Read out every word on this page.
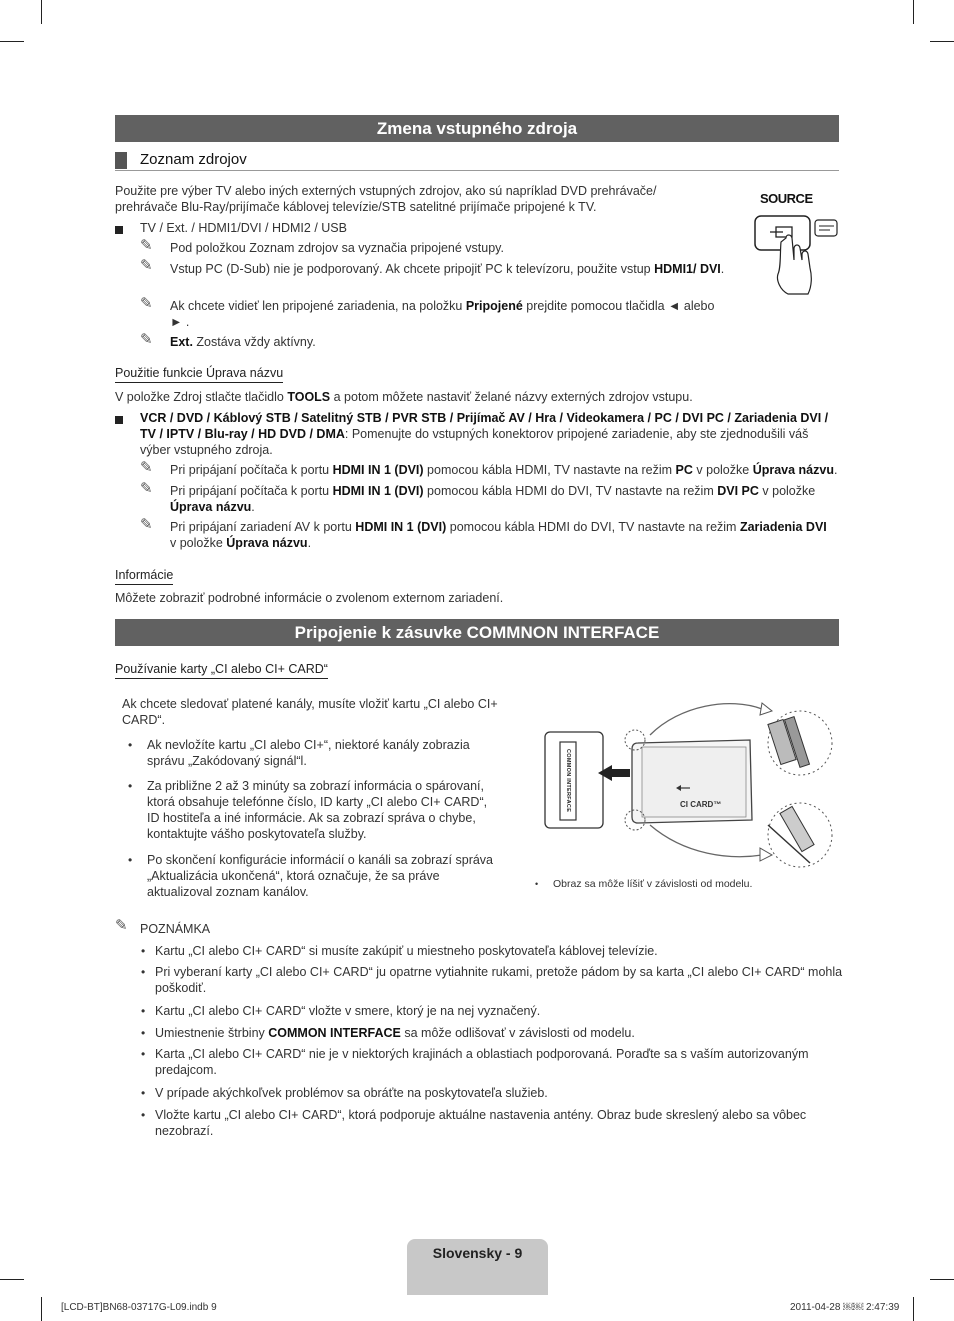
Zmena vstupného zdroja
Zoznam zdrojov
Použite pre výber TV alebo iných externých vstupných zdrojov, ako sú napríklad DVD prehrávače/ prehrávače Blu-Ray/prijímače káblovej televízie/STB satelitné prijímače pripojené k TV.
TV / Ext. / HDMI1/DVI / HDMI2 / USB
✎ Pod položkou Zoznam zdrojov sa vyznačia pripojené vstupy.
✎ Vstup PC (D-Sub) nie je podporovaný. Ak chcete pripojiť PC k televízoru, použite vstup HDMI1/ DVI.
✎ Ak chcete vidieť len pripojené zariadenia, na položku Pripojené prejdite pomocou tlačidla ◄ alebo ► .
✎ Ext. Zostáva vždy aktívny.
SOURCE
Použitie funkcie Úprava názvu
V položke Zdroj stlačte tlačidlo TOOLS a potom môžete nastaviť želané názvy externých zdrojov vstupu.
VCR / DVD / Káblový STB / Satelitný STB / PVR STB / Prijímač AV / Hra / Videokamera / PC / DVI PC / Zariadenia DVI / TV / IPTV / Blu-ray / HD DVD / DMA: Pomenujte do vstupných konektorov pripojené zariadenie, aby ste zjednodušili váš výber vstupného zdroja.
✎ Pri pripájaní počítača k portu HDMI IN 1 (DVI) pomocou kábla HDMI, TV nastavte na režim PC v položke Úprava názvu.
✎ Pri pripájaní počítača k portu HDMI IN 1 (DVI) pomocou kábla HDMI do DVI, TV nastavte na režim DVI PC v položke Úprava názvu.
✎ Pri pripájaní zariadení AV k portu HDMI IN 1 (DVI) pomocou kábla HDMI do DVI, TV nastavte na režim Zariadenia DVI v položke Úprava názvu.
Informácie
Môžete zobraziť podrobné informácie o zvolenom externom zariadení.
Pripojenie k zásuvke COMMNON INTERFACE
Používanie karty „CI alebo CI+ CARD“
Ak chcete sledovať platené kanály, musíte vložiť kartu „CI alebo CI+ CARD“.
• Ak nevložíte kartu „CI alebo CI+“, niektoré kanály zobrazia správu „Zakódovaný signál“l.
• Za približne 2 až 3 minúty sa zobrazí informácia o spárovaní, ktorá obsahuje telefónne číslo, ID karty „CI alebo CI+ CARD“, ID hostiteľa a iné informácie. Ak sa zobrazí správa o chybe, kontaktujte vášho poskytovateľa služby.
• Po skončení konfigurácie informácií o kanáli sa zobrazí správa „Aktualizácia ukončená“, ktorá označuje, že sa práve aktualizoval zoznam kanálov.
COMMON INTERFACE	CI CARD™
• Obraz sa môže líšiť v závislosti od modelu.
✎ POZNÁMKA
• Kartu „CI alebo CI+ CARD“ si musíte zakúpiť u miestneho poskytovateľa káblovej televízie.
• Pri vyberaní karty „CI alebo CI+ CARD“ ju opatrne vytiahnite rukami, pretože pádom by sa karta „CI alebo CI+ CARD“ mohla poškodiť.
• Kartu „CI alebo CI+ CARD“ vložte v smere, ktorý je na nej vyznačený.
• Umiestnenie štrbiny COMMON INTERFACE sa môže odlišovať v závislosti od modelu.
• Karta „CI alebo CI+ CARD“ nie je v niektorých krajinách a oblastiach podporovaná. Poraďte sa s vaším autorizovaným predajcom.
• V prípade akýchkoľvek problémov sa obráťte na poskytovateľa služieb.
• Vložte kartu „CI alebo CI+ CARD“, ktorá podporuje aktuálne nastavenia antény. Obraz bude skreslený alebo sa vôbec nezobrazí.
Slovensky - 9
[LCD-BT]BN68-03717G-L09.indb 9	2011-04-28 ￼￼ 2:47:39
